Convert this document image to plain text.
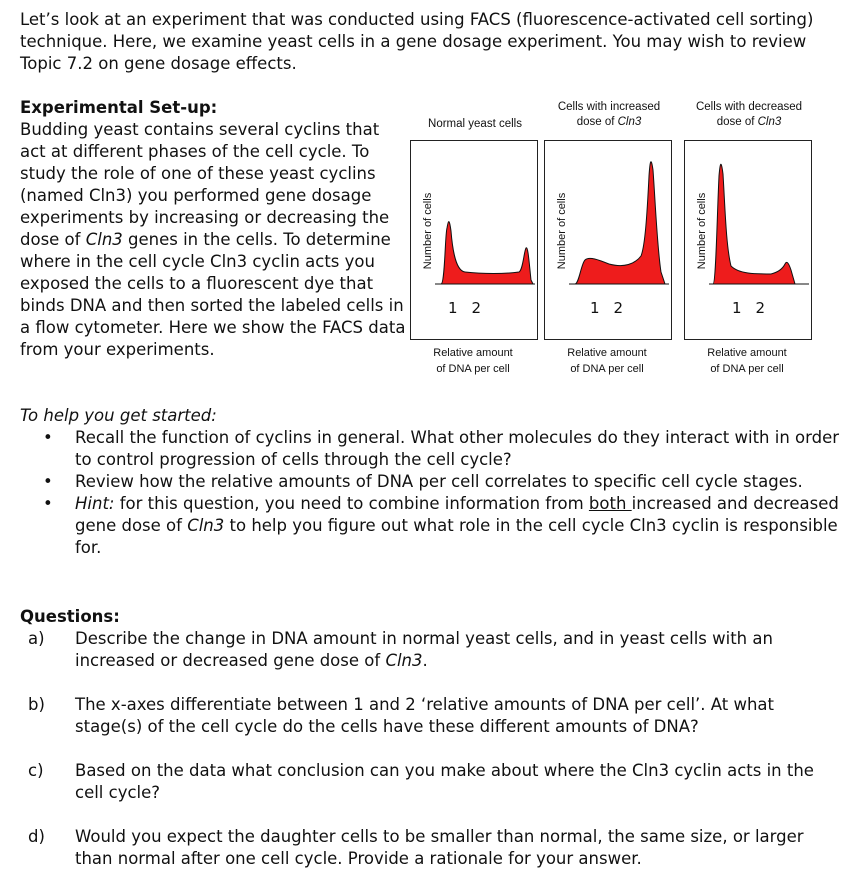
Let’s look at an experiment that was conducted using FACS (fluorescence-activated cell sorting) technique. Here, we examine yeast cells in a gene dosage experiment. You may wish to review Topic 7.2 on gene dosage effects.
Experimental Set-up:
Budding yeast contains several cyclins that act at different phases of the cell cycle. To study the role of one of these yeast cyclins (named Cln3) you performed gene dosage experiments by increasing or decreasing the dose of Cln3 genes in the cells. To determine where in the cell cycle Cln3 cyclin acts you exposed the cells to a fluorescent dye that binds DNA and then sorted the labeled cells in a flow cytometer. Here we show the FACS data from your experiments.
Normal yeast cells
Number of cells
1 2
Relative amount
of DNA per cell
Cells with increased dose of Cln3
Number of cells
1 2
Relative amount
of DNA per cell
Cells with decreased dose of Cln3
Number of cells
1 2
Relative amount
of DNA per cell
To help you get started:
• Recall the function of cyclins in general. What other molecules do they interact with in order to control progression of cells through the cell cycle?
• Review how the relative amounts of DNA per cell correlates to specific cell cycle stages.
• Hint: for this question, you need to combine information from both increased and decreased gene dose of Cln3 to help you figure out what role in the cell cycle Cln3 cyclin is responsible for.
Questions:
a) Describe the change in DNA amount in normal yeast cells, and in yeast cells with an increased or decreased gene dose of Cln3.
b) The x-axes differentiate between 1 and 2 ‘relative amounts of DNA per cell’. At what stage(s) of the cell cycle do the cells have these different amounts of DNA?
c) Based on the data what conclusion can you make about where the Cln3 cyclin acts in the cell cycle?
d) Would you expect the daughter cells to be smaller than normal, the same size, or larger than normal after one cell cycle. Provide a rationale for your answer.
